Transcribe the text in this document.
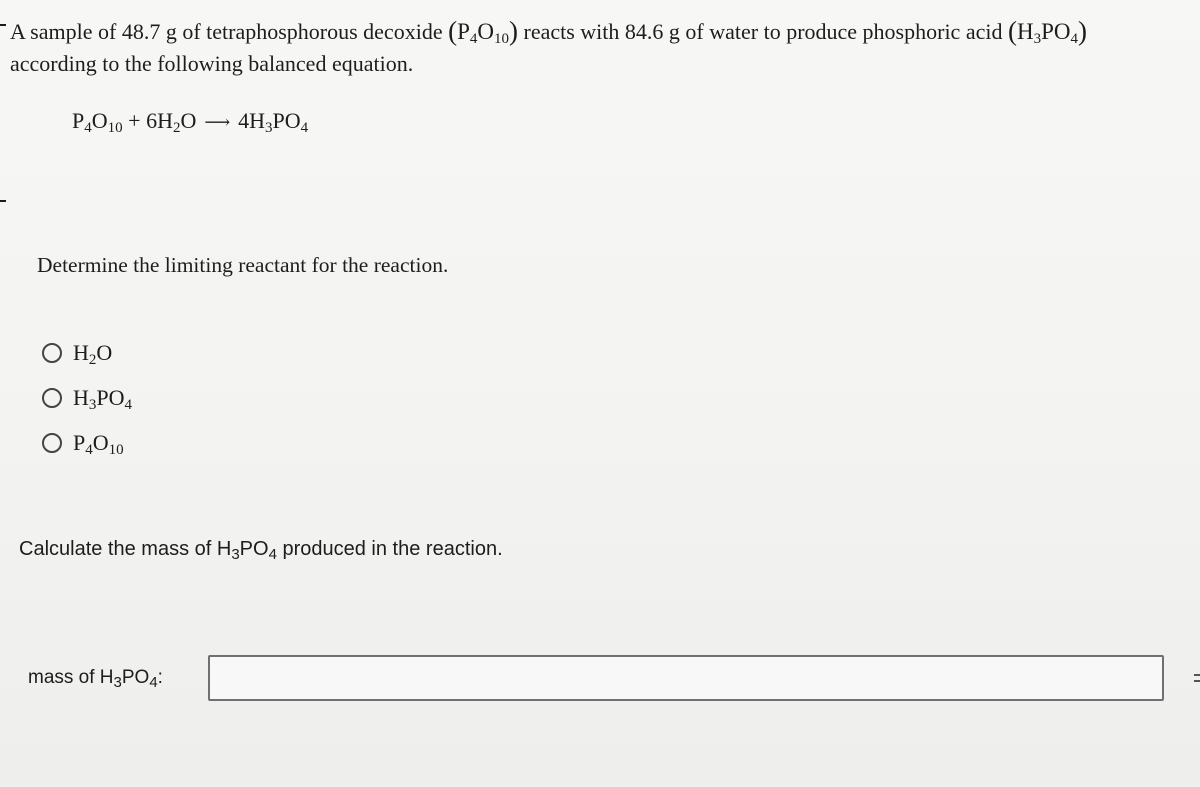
A sample of 48.7 g of tetraphosphorous decoxide $(P_4O_{10})$ reacts with 84.6 g of water to produce phosphoric acid $(H_3PO_4)$
according to the following balanced equation.
$P_4O_{10} + 6H_2O$ ⟶ $4H_3PO_4$
Determine the limiting reactant for the reaction.
$H_2O$
$H_3PO_4$
$P_4O_{10}$
Calculate the mass of $H_3PO_4$ produced in the reaction.
mass of $H_3PO_4$:
